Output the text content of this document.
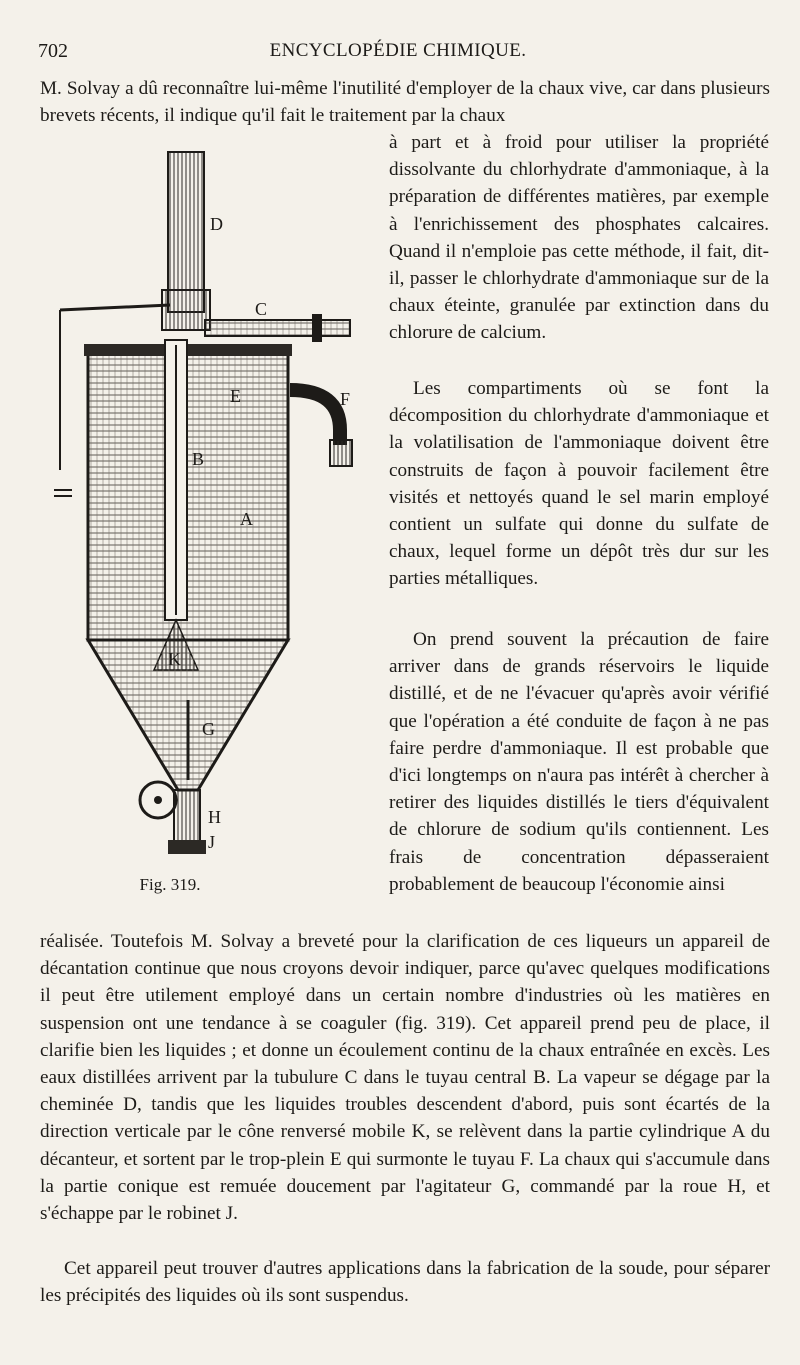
702	ENCYCLOPÉDIE CHIMIQUE.

M. Solvay a dû reconnaître lui-même l'inutilité d'employer de la chaux vive, car dans plusieurs brevets récents, il indique qu'il fait le traitement par la chaux

à part et à froid pour utiliser la propriété dissolvante du chlorhydrate d'ammoniaque, à la préparation de différentes matières, par exemple à l'enrichissement des phosphates calcaires. Quand il n'emploie pas cette méthode, il fait, dit-il, passer le chlorhydrate d'ammoniaque sur de la chaux éteinte, granulée par extinction dans du chlorure de calcium.

Les compartiments où se font la décomposition du chlorhydrate d'ammoniaque et la volatilisation de l'ammoniaque doivent être construits de façon à pouvoir facilement être visités et nettoyés quand le sel marin employé contient un sulfate qui donne du sulfate de chaux, lequel forme un dépôt très dur sur les parties métalliques.

On prend souvent la précaution de faire arriver dans de grands réservoirs le liquide distillé, et de ne l'évacuer qu'après avoir vérifié que l'opération a été conduite de façon à ne pas faire perdre d'ammoniaque. Il est probable que d'ici longtemps on n'aura pas intérêt à chercher à retirer des liquides distillés le tiers d'équivalent de chlorure de sodium qu'ils contiennent. Les frais de concentration dépasseraient probablement de beaucoup l'économie ainsi

réalisée. Toutefois M. Solvay a breveté pour la clarification de ces liqueurs un appareil de décantation continue que nous croyons devoir indiquer, parce qu'avec quelques modifications il peut être utilement employé dans un certain nombre d'industries où les matières en suspension ont une tendance à se coaguler (fig. 319). Cet appareil prend peu de place, il clarifie bien les liquides ; et donne un écoulement continu de la chaux entraînée en excès. Les eaux distillées arrivent par la tubulure C dans le tuyau central B. La vapeur se dégage par la cheminée D, tandis que les liquides troubles descendent d'abord, puis sont écartés de la direction verticale par le cône renversé mobile K, se relèvent dans la partie cylindrique A du décanteur, et sortent par le trop-plein E qui surmonte le tuyau F. La chaux qui s'accumule dans la partie conique est remuée doucement par l'agitateur G, commandé par la roue H, et s'échappe par le robinet J.

Cet appareil peut trouver d'autres applications dans la fabrication de la soude, pour séparer les précipités des liquides où ils sont suspendus.

D
C
F
E
B
A
K
G
H
J
Fig. 319.
